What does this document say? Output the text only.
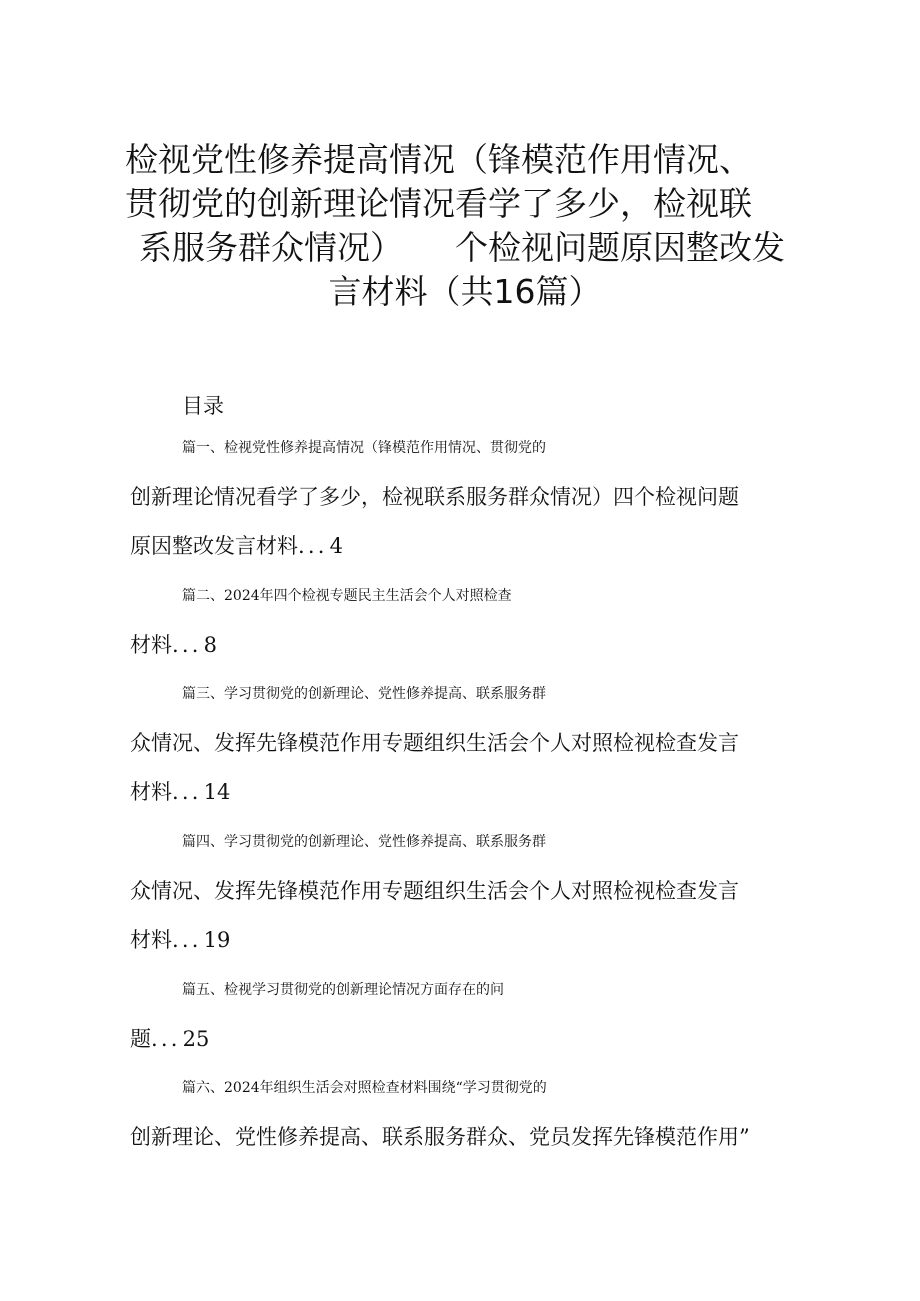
检视党性修养提高情况（锋模范作用情况、
贯彻党的创新理论情况看学了多少，检视联
系服务群众情况） 个检视问题原因整改发
言材料（共16篇）
目录
篇一、检视党性修养提高情况（锋模范作用情况、贯彻党的
创新理论情况看学了多少，检视联系服务群众情况）四个检视问题
原因整改发言材料 ... 4
篇二、2024年四个检视专题民主生活会个人对照检查
材料 ... 8
篇三、学习贯彻党的创新理论、党性修养提高、联系服务群
众情况、发挥先锋模范作用专题组织生活会个人对照检视检查发言
材料 ... 14
篇四、学习贯彻党的创新理论、党性修养提高、联系服务群
众情况、发挥先锋模范作用专题组织生活会个人对照检视检查发言
材料 ... 19
篇五、检视学习贯彻党的创新理论情况方面存在的问
题 ... 25
篇六、2024年组织生活会对照检查材料围绕“学习贯彻党的
创新理论、党性修养提高、联系服务群众、党员发挥先锋模范作用”
